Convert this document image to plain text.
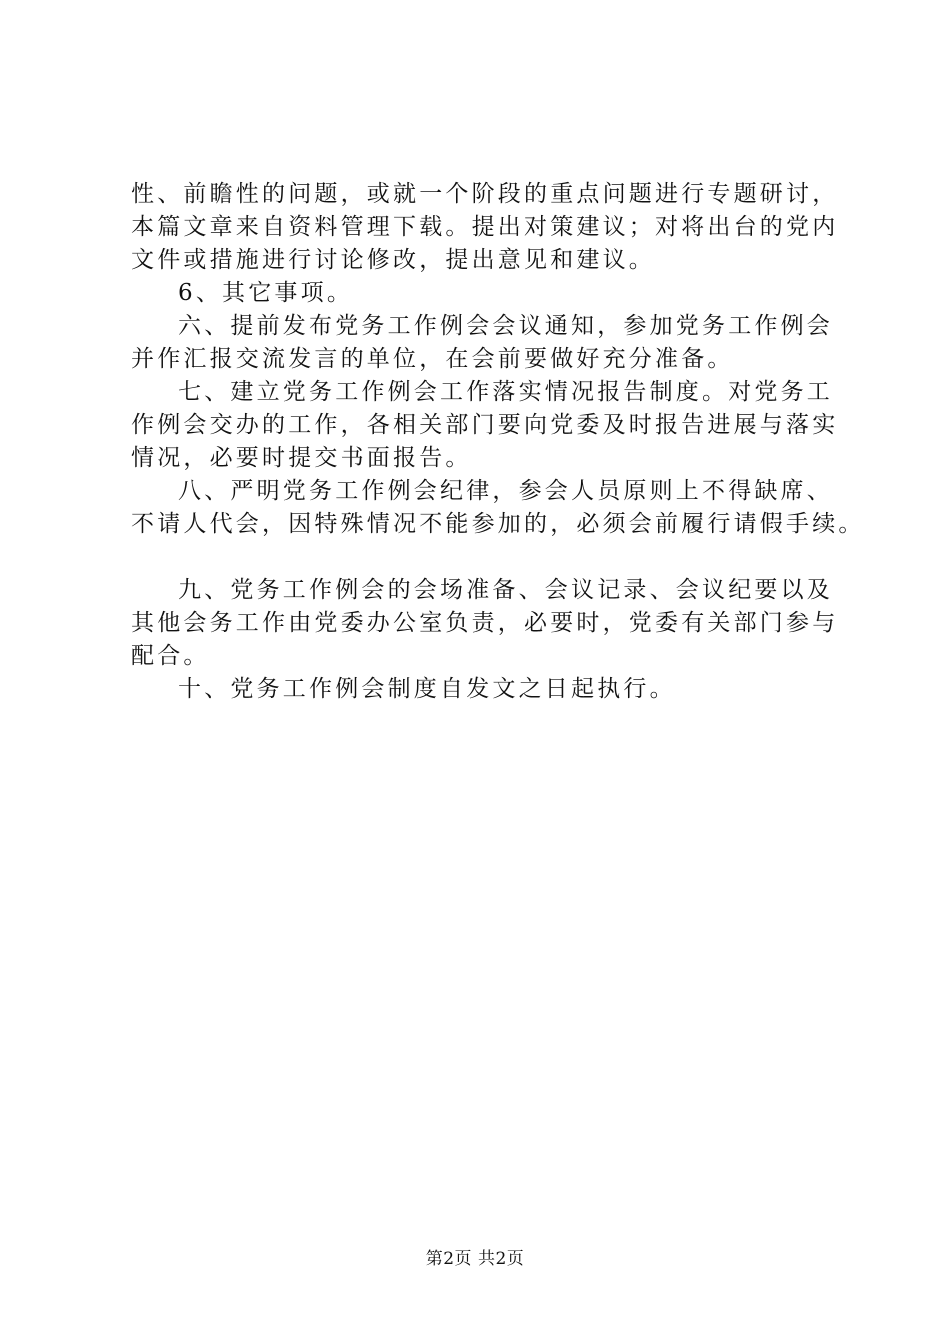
性、前瞻性的问题，或就一个阶段的重点问题进行专题研讨，
本篇文章来自资料管理下载。提出对策建议；对将出台的党内
文件或措施进行讨论修改，提出意见和建议。
6、其它事项。
六、提前发布党务工作例会会议通知，参加党务工作例会
并作汇报交流发言的单位，在会前要做好充分准备。
七、建立党务工作例会工作落实情况报告制度。对党务工
作例会交办的工作，各相关部门要向党委及时报告进展与落实
情况，必要时提交书面报告。
八、严明党务工作例会纪律，参会人员原则上不得缺席、
不请人代会，因特殊情况不能参加的，必须会前履行请假手续。
九、党务工作例会的会场准备、会议记录、会议纪要以及
其他会务工作由党委办公室负责，必要时，党委有关部门参与
配合。
十、党务工作例会制度自发文之日起执行。
第2页 共2页
